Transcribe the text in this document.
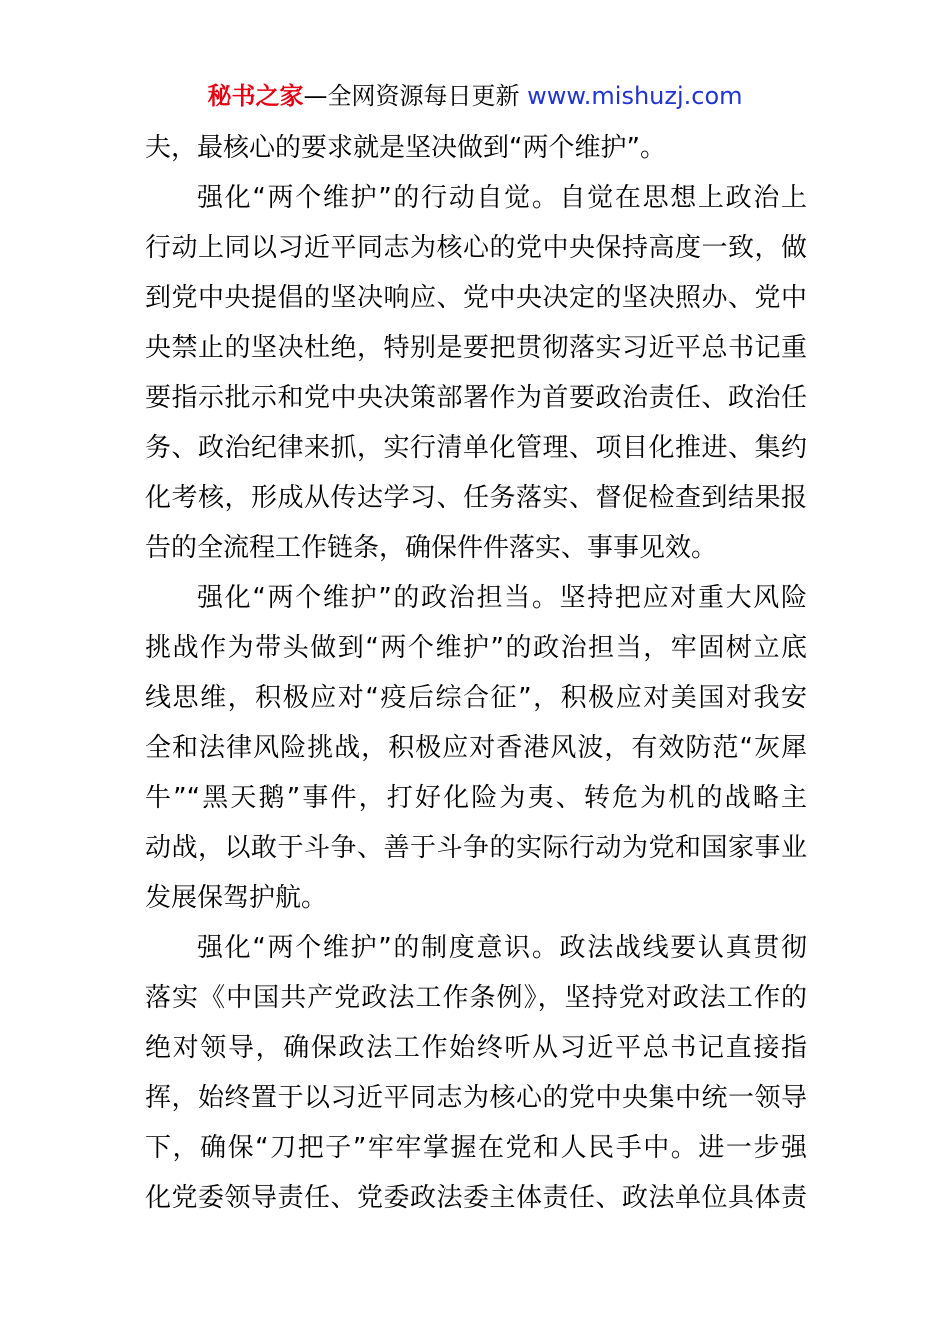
秘书之家—全网资源每日更新 www.mishuzj.com
夫，最核心的要求就是坚决做到“两个维护”。
强化“两个维护”的行动自觉。自觉在思想上政治上
行动上同以习近平同志为核心的党中央保持高度一致，做
到党中央提倡的坚决响应、党中央决定的坚决照办、党中
央禁止的坚决杜绝，特别是要把贯彻落实习近平总书记重
要指示批示和党中央决策部署作为首要政治责任、政治任
务、政治纪律来抓，实行清单化管理、项目化推进、集约
化考核，形成从传达学习、任务落实、督促检查到结果报
告的全流程工作链条，确保件件落实、事事见效。
强化“两个维护”的政治担当。坚持把应对重大风险
挑战作为带头做到“两个维护”的政治担当，牢固树立底
线思维，积极应对“疫后综合征”，积极应对美国对我安
全和法律风险挑战，积极应对香港风波，有效防范“灰犀
牛”“黑天鹅”事件，打好化险为夷、转危为机的战略主
动战，以敢于斗争、善于斗争的实际行动为党和国家事业
发展保驾护航。
强化“两个维护”的制度意识。政法战线要认真贯彻
落实《中国共产党政法工作条例》，坚持党对政法工作的
绝对领导，确保政法工作始终听从习近平总书记直接指
挥，始终置于以习近平同志为核心的党中央集中统一领导
下，确保“刀把子”牢牢掌握在党和人民手中。进一步强
化党委领导责任、党委政法委主体责任、政法单位具体责
